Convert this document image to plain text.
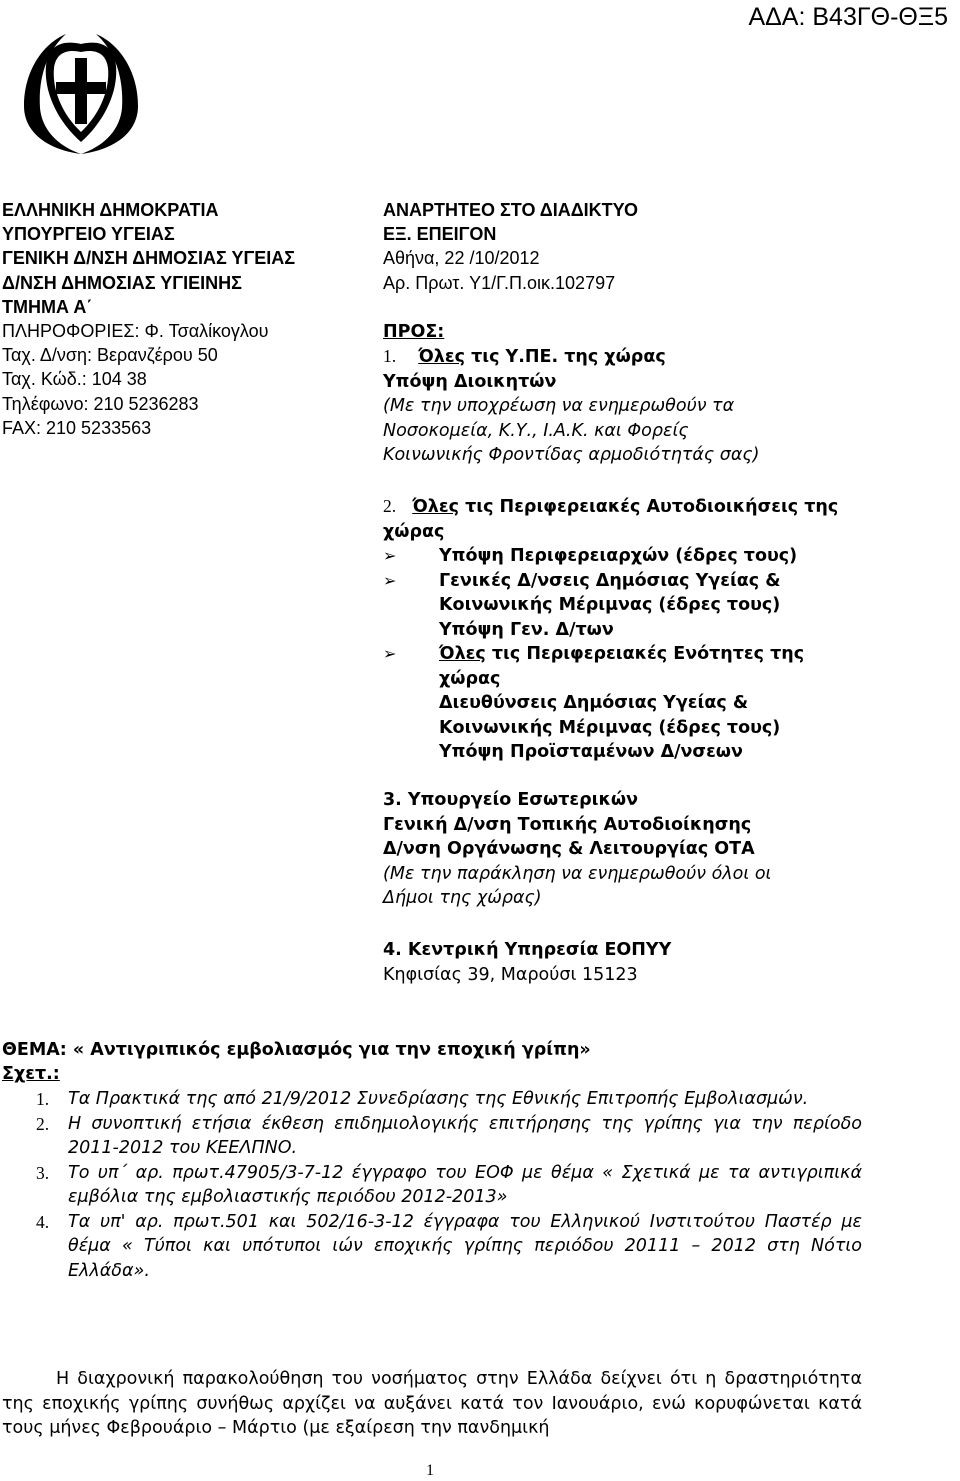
ΑΔΑ: Β43ΓΘ-ΘΞ5
ΕΛΛΗΝΙΚΗ ΔΗΜΟΚΡΑΤΙΑ
ΥΠΟΥΡΓΕΙΟ ΥΓΕΙΑΣ
ΓΕΝΙΚΗ Δ/ΝΣΗ ΔΗΜΟΣΙΑΣ ΥΓΕΙΑΣ
Δ/ΝΣΗ ΔΗΜΟΣΙΑΣ ΥΓΙΕΙΝΗΣ
ΤΜΗΜΑ Α΄
ΠΛΗΡΟΦΟΡΙΕΣ: Φ. Τσαλίκογλου
Ταχ. Δ/νση: Βερανζέρου 50
Ταχ. Κώδ.: 104 38
Τηλέφωνο: 210 5236283
FAX: 210 5233563
ΑΝΑΡΤΗΤΕΟ ΣΤΟ ΔΙΑΔΙΚΤΥΟ
ΕΞ. ΕΠΕΙΓΟΝ
Αθήνα, 22 /10/2012
Αρ. Πρωτ. Υ1/Γ.Π.οικ.102797
ΠΡΟΣ:
1. Όλες τις Υ.ΠΕ. της χώρας
Υπόψη Διοικητών
(Με την υποχρέωση να ενημερωθούν τα
Νοσοκομεία, Κ.Υ., Ι.Α.Κ. και Φορείς
Κοινωνικής Φροντίδας αρμοδιότητάς σας)
2. Όλες τις Περιφερειακές Αυτοδιοικήσεις της
χώρας
➢ Υπόψη Περιφερειαρχών (έδρες τους)
➢ Γενικές Δ/νσεις Δημόσιας Υγείας &
Κοινωνικής Μέριμνας (έδρες τους)
Υπόψη Γεν. Δ/των
➢ Όλες τις Περιφερειακές Ενότητες της
χώρας
Διευθύνσεις Δημόσιας Υγείας &
Κοινωνικής Μέριμνας (έδρες τους)
Υπόψη Προϊσταμένων Δ/νσεων
3. Υπουργείο Εσωτερικών
Γενική Δ/νση Τοπικής Αυτοδιοίκησης
Δ/νση Οργάνωσης & Λειτουργίας ΟΤΑ
(Με την παράκληση να ενημερωθούν όλοι οι
Δήμοι της χώρας)
4. Κεντρική Υπηρεσία ΕΟΠΥΥ
Κηφισίας 39, Μαρούσι 15123
ΘΕΜΑ: « Αντιγριπικός εμβολιασμός για την εποχική γρίπη»
Σχετ.:
1. Τα Πρακτικά της από 21/9/2012 Συνεδρίασης της Εθνικής Επιτροπής Εμβολιασμών.
2. Η συνοπτική ετήσια έκθεση επιδημιολογικής επιτήρησης της γρίπης για την περίοδο 2011-2012 του ΚΕΕΛΠΝΟ.
3. Το υπ΄ αρ. πρωτ.47905/3-7-12 έγγραφο του ΕΟΦ με θέμα « Σχετικά με τα αντιγριπικά εμβόλια της εμβολιαστικής περιόδου 2012-2013»
4. Τα υπ' αρ. πρωτ.501 και 502/16-3-12 έγγραφα του Ελληνικού Ινστιτούτου Παστέρ με θέμα « Τύποι και υπότυποι ιών εποχικής γρίπης περιόδου 20111 – 2012 στη Νότιο Ελλάδα».
Η διαχρονική παρακολούθηση του νοσήματος στην Ελλάδα δείχνει ότι η δραστηριότητα της εποχικής γρίπης συνήθως αρχίζει να αυξάνει κατά τον Ιανουάριο, ενώ κορυφώνεται κατά τους μήνες Φεβρουάριο – Μάρτιο (με εξαίρεση την πανδημική
1
